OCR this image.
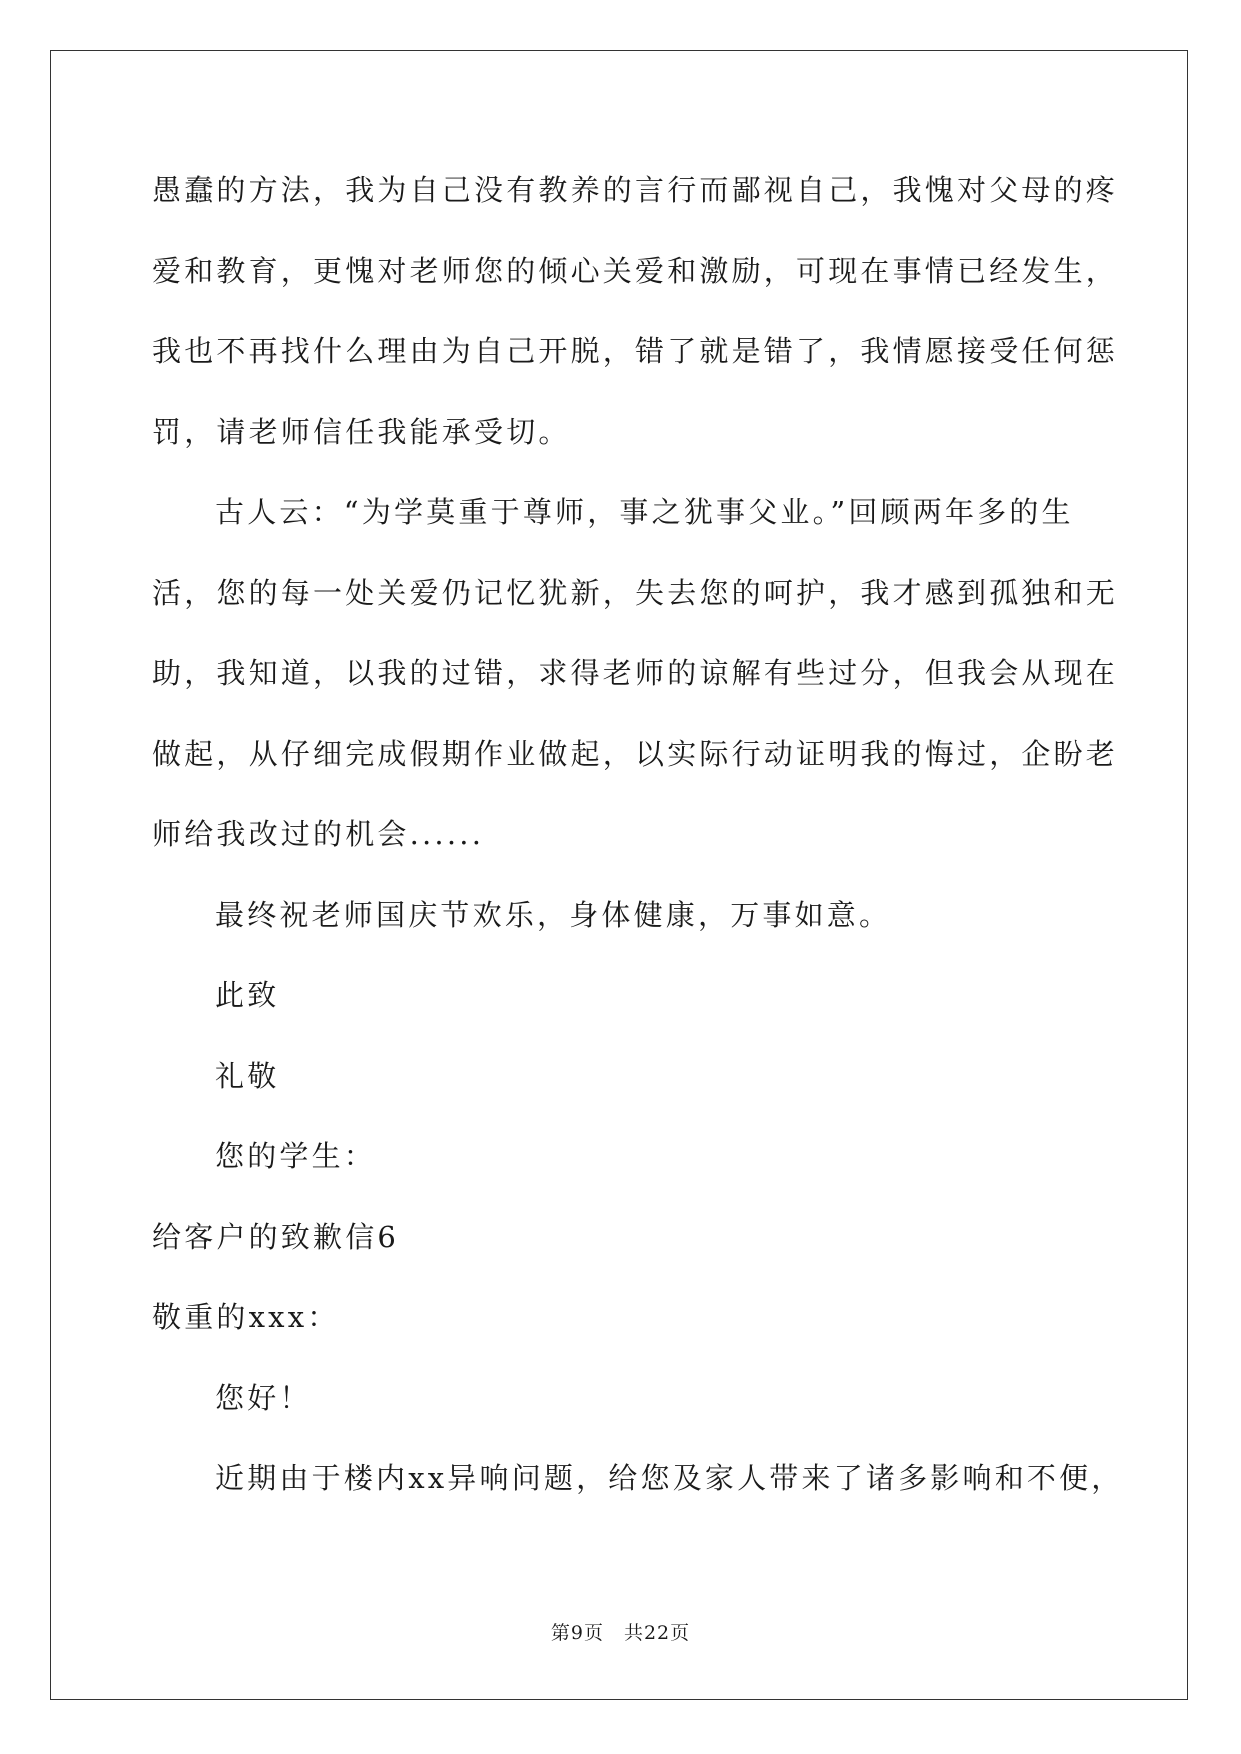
愚蠢的方法，我为自己没有教养的言行而鄙视自己，我愧对父母的疼
爱和教育，更愧对老师您的倾心关爱和激励，可现在事情已经发生，
我也不再找什么理由为自己开脱，错了就是错了，我情愿接受任何惩
罚，请老师信任我能承受切。
古人云：“为学莫重于尊师，事之犹事父业。”回顾两年多的生
活，您的每一处关爱仍记忆犹新，失去您的呵护，我才感到孤独和无
助，我知道，以我的过错，求得老师的谅解有些过分，但我会从现在
做起，从仔细完成假期作业做起，以实际行动证明我的悔过，企盼老
师给我改过的机会......
最终祝老师国庆节欢乐，身体健康，万事如意。
此致
礼敬
您的学生：
给客户的致歉信6
敬重的xxx：
您好！
近期由于楼内xx异响问题，给您及家人带来了诸多影响和不便，
第9页　共22页
